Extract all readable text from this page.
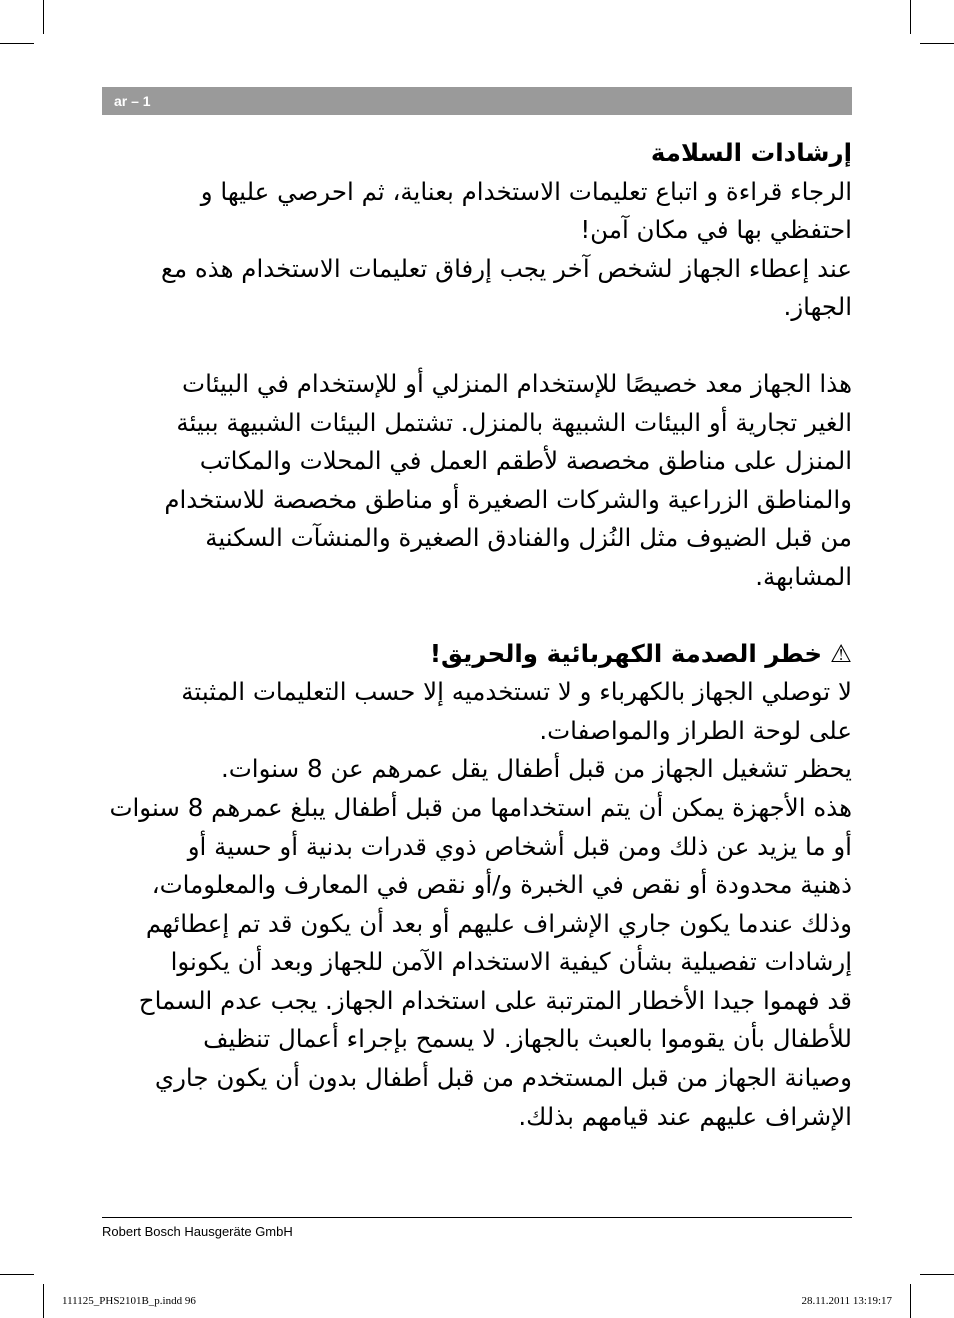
ar – 1

إرشادات السلامة

الرجاء قراءة و اتباع تعليمات الاستخدام بعناية، ثم احرصي عليها و

احتفظي بها في مكان آمن!

عند إعطاء الجهاز لشخص آخر يجب إرفاق تعليمات الاستخدام هذه مع

الجهاز.

هذا الجهاز معد خصيصًا للإستخدام المنزلي أو للإستخدام في البيئات

الغير تجارية أو البيئات الشبيهة بالمنزل. تشتمل البيئات الشبيهة ببيئة

المنزل على مناطق مخصصة لأطقم العمل في المحلات والمكاتب

والمناطق الزراعية والشركات الصغيرة أو مناطق مخصصة للاستخدام

من قبل الضيوف مثل النُزل والفنادق الصغيرة والمنشآت السكنية

المشابهة.

⚠خطر الصدمة الكهربائية والحريق!

لا توصلي الجهاز بالكهرباء و لا تستخدميه إلا حسب التعليمات المثبتة

على لوحة الطراز والمواصفات.

يحظر تشغيل الجهاز من قبل أطفال يقل عمرهم عن 8 سنوات.

هذه الأجهزة يمكن أن يتم استخدامها من قبل أطفال يبلغ عمرهم 8 سنوات

أو ما يزيد عن ذلك ومن قبل أشخاص ذوي قدرات بدنية أو حسية أو

ذهنية محدودة أو نقص في الخبرة و/أو نقص في المعارف والمعلومات،

وذلك عندما يكون جاري الإشراف عليهم أو بعد أن يكون قد تم إعطائهم

إرشادات تفصيلية بشأن كيفية الاستخدام الآمن للجهاز وبعد أن يكونوا

قد فهموا جيدا الأخطار المترتبة على استخدام الجهاز. يجب عدم السماح

للأطفال بأن يقوموا بالعبث بالجهاز. لا يسمح بإجراء أعمال تنظيف

وصيانة الجهاز من قبل المستخدم من قبل أطفال بدون أن يكون جاري

الإشراف عليهم عند قيامهم بذلك.

Robert Bosch Hausgeräte GmbH
111125_PHS2101B_p.indd 96	28.11.2011 13:19:17
